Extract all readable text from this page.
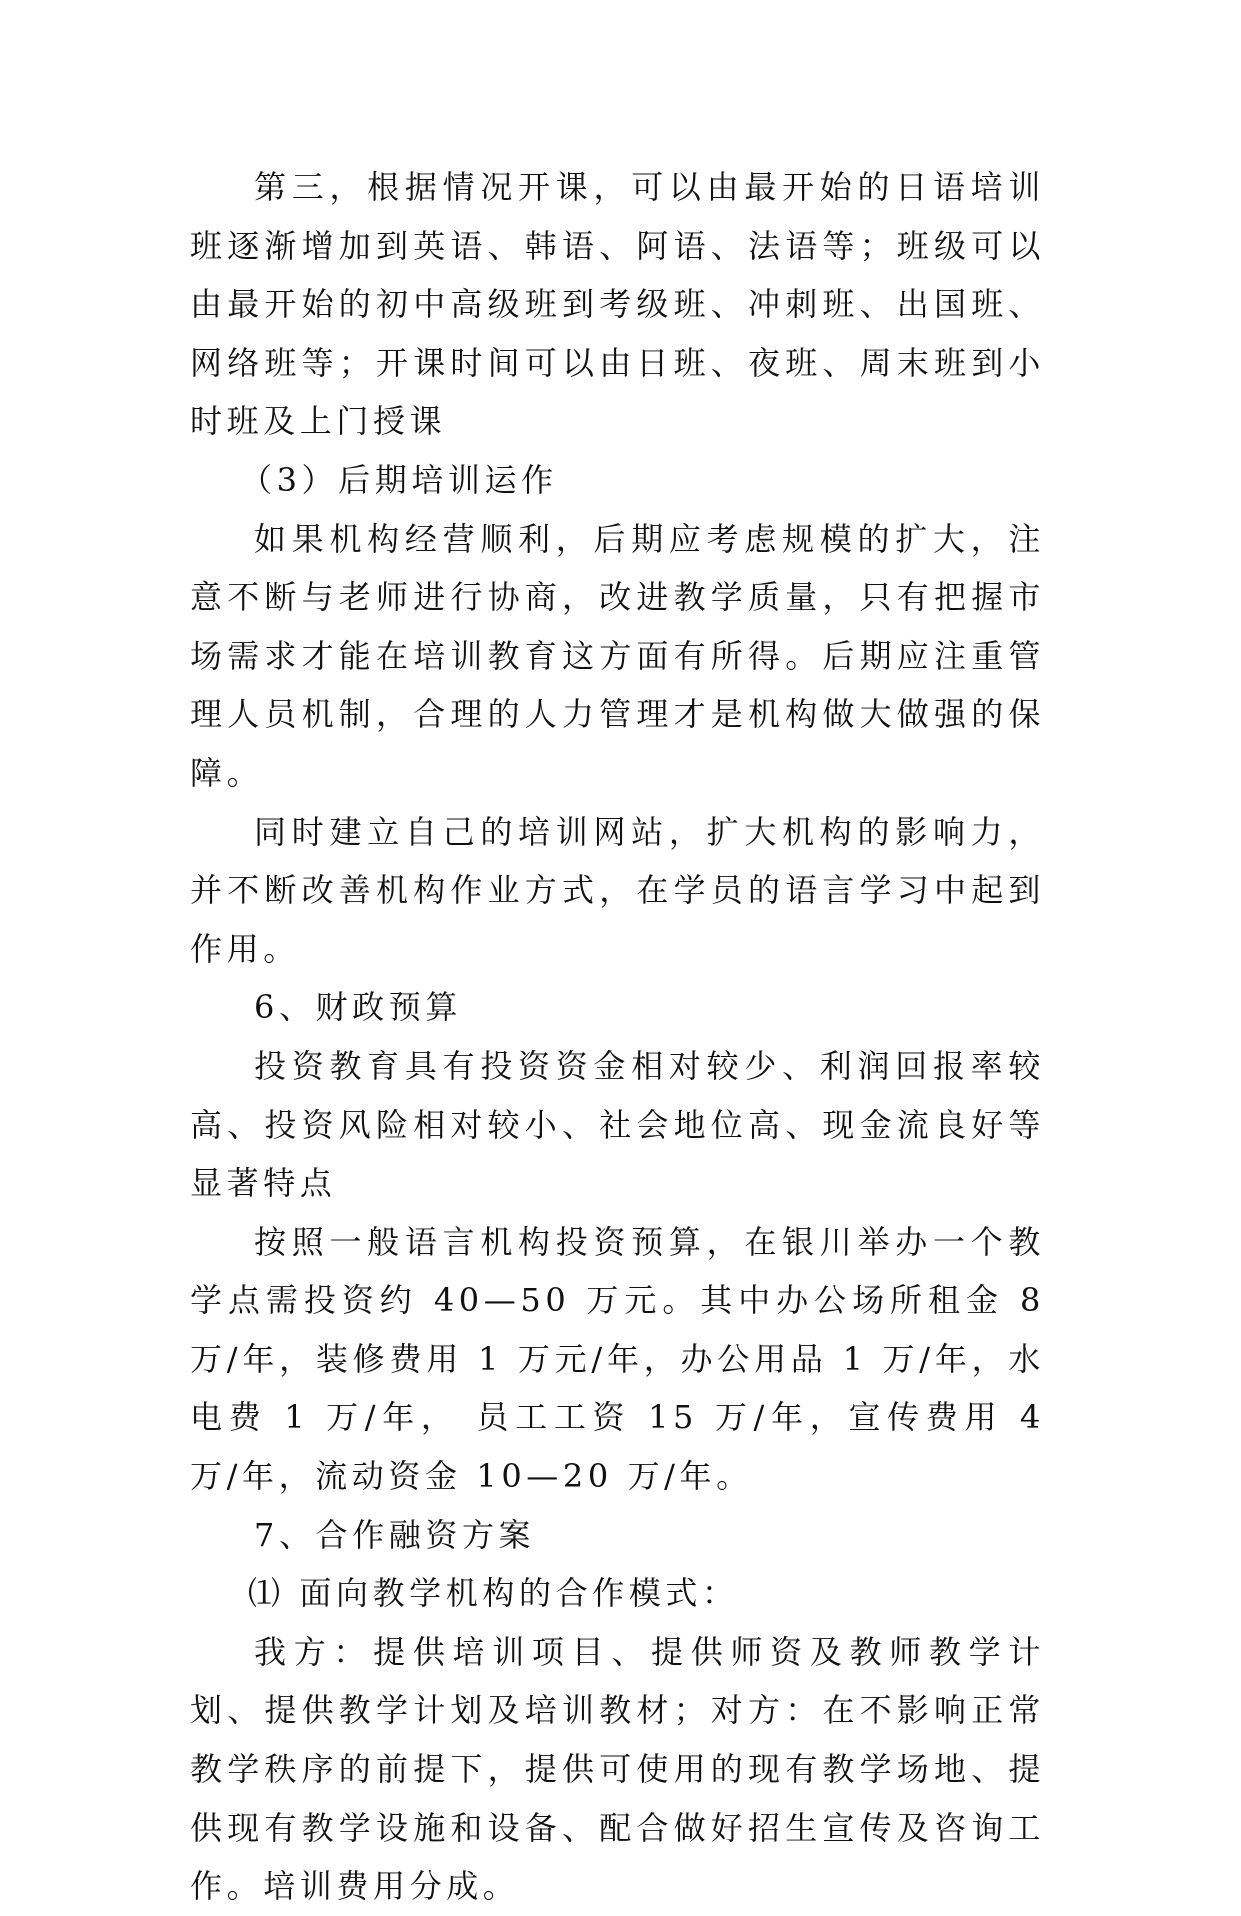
第三，根据情况开课，可以由最开始的日语培训班逐渐增加到英语、韩语、阿语、法语等；班级可以由最开始的初中高级班到考级班、冲刺班、出国班、网络班等；开课时间可以由日班、夜班、周末班到小时班及上门授课

（3）后期培训运作

如果机构经营顺利，后期应考虑规模的扩大，注意不断与老师进行协商，改进教学质量，只有把握市场需求才能在培训教育这方面有所得。后期应注重管理人员机制，合理的人力管理才是机构做大做强的保障。

同时建立自己的培训网站，扩大机构的影响力，并不断改善机构作业方式，在学员的语言学习中起到作用。

6、财政预算

投资教育具有投资资金相对较少、利润回报率较高、投资风险相对较小、社会地位高、现金流良好等显著特点

按照一般语言机构投资预算，在银川举办一个教学点需投资约 40—50 万元。其中办公场所租金 8 万/年，装修费用 1 万元/年，办公用品 1 万/年，水电费 1 万/年， 员工工资 15 万/年，宣传费用 4 万/年，流动资金 10—20 万/年。

7、合作融资方案

⑴ 面向教学机构的合作模式：

我方：提供培训项目、提供师资及教师教学计划、提供教学计划及培训教材；对方：在不影响正常教学秩序的前提下，提供可使用的现有教学场地、提供现有教学设施和设备、配合做好招生宣传及咨询工作。培训费用分成。
